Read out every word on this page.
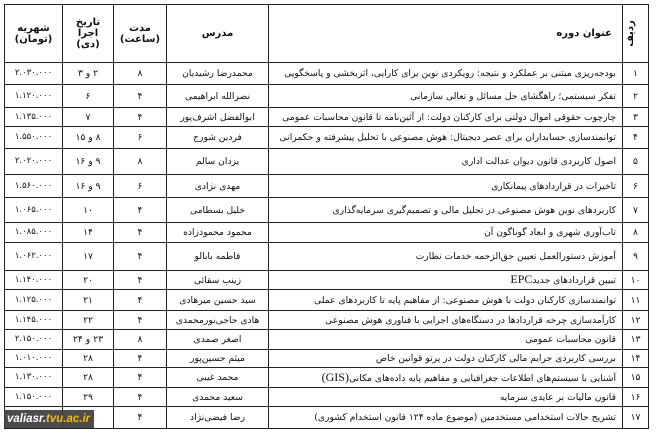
ردیف	عنوان دوره	مدرس	مدت (ساعت)	تاریخ اجرا (دی)	شهریه (تومان)
۱	بودجه‌ریزی مبتنی بر عملکرد و نتیجه: رویکردی نوین برای کارایی، اثربخشی و پاسخگویی	محمدرضا رشیدیان	۸	۲ و ۳	۲.۰۳۰.۰۰۰
۲	تفکر سیستمی؛ راهگشای حل مسائل و تعالی سازمانی	نصرالله ابراهیمی	۴	۶	۱.۱۲۰.۰۰۰
۳	چارچوب حقوقی اموال دولتی برای کارکنان دولت: از آئین‌نامه تا قانون محاسبات عمومی	ابوالفضل اشرف‌پور	۴	۷	۱.۱۳۵.۰۰۰
۴	توانمندسازی حسابداران برای عصر دیجیتال: هوش مصنوعی با تحلیل پیشرفته و حکمرانی	فردین شورج	۶	۸ و ۱۵	۱.۵۵۰.۰۰۰
۵	اصول کاربردی قانون دیوان عدالت اداری	یزدان سالم	۸	۹ و ۱۶	۲.۰۲۰.۰۰۰
۶	تاخیرات در قراردادهای پیمانکاری	مهدی نژادی	۶	۹ و ۱۶	۱.۵۶۰.۰۰۰
۷	کاربردهای نوین هوش مصنوعی در تحلیل مالی و تصمیم‌گیری سرمایه‌گذاری	خلیل بسطامی	۴	۱۰	۱.۰۶۵.۰۰۰
۸	تاب‌آوری شهری و ابعاد گوناگون آن	محمود محمودزاده	۴	۱۴	۱.۰۸۵.۰۰۰
۹	آموزش دستورالعمل تعیین حق‌الزحمه خدمات نظارت	فاطمه بابالو	۴	۱۷	۱.۰۶۲.۰۰۰
۱۰	تبیین قراردادهای جدیدEPC	زینب سقائی	۴	۲۰	۱.۱۴۰.۰۰۰
۱۱	توانمندسازی کارکنان دولت با هوش مصنوعی: از مفاهیم پایه تا کاربردهای عملی	سید حسین میرهادی	۴	۲۱	۱.۱۲۵.۰۰۰
۱۲	کارآمدسازی چرخه قراردادها در دستگاه‌های اجرایی با فناوری هوش مصنوعی	هادی حاجی‌نورمحمدی	۴	۲۲	۱.۱۴۵.۰۰۰
۱۳	قانون محاسبات عمومی	اصغر صمدی	۸	۲۳ و ۲۴	۲.۱۵۰.۰۰۰
۱۴	بررسی کاربردی جرایم مالی کارکنان دولت در پرتو قوانین خاص	میثم حسین‌پور	۴	۲۸	۱.۰۱۰.۰۰۰
۱۵	آشنایی با سیستم‌های اطلاعات جغرافیایی و مفاهیم پایه داده‌های مکانی(GIS)	محمد غیبی	۴	۲۸	۱.۱۳۰.۰۰۰
۱۶	قانون مالیات بر عایدی سرمایه	سعید محمدی	۴	۲۹	۱.۱۵۰.۰۰۰
۱۷	تشریح حالات استخدامی مستخدمین (موضوع ماده ۱۲۴ قانون استخدام کشوری)	رضا فیضی‌نژاد	۴		
valiasr.tvu.ac.ir
